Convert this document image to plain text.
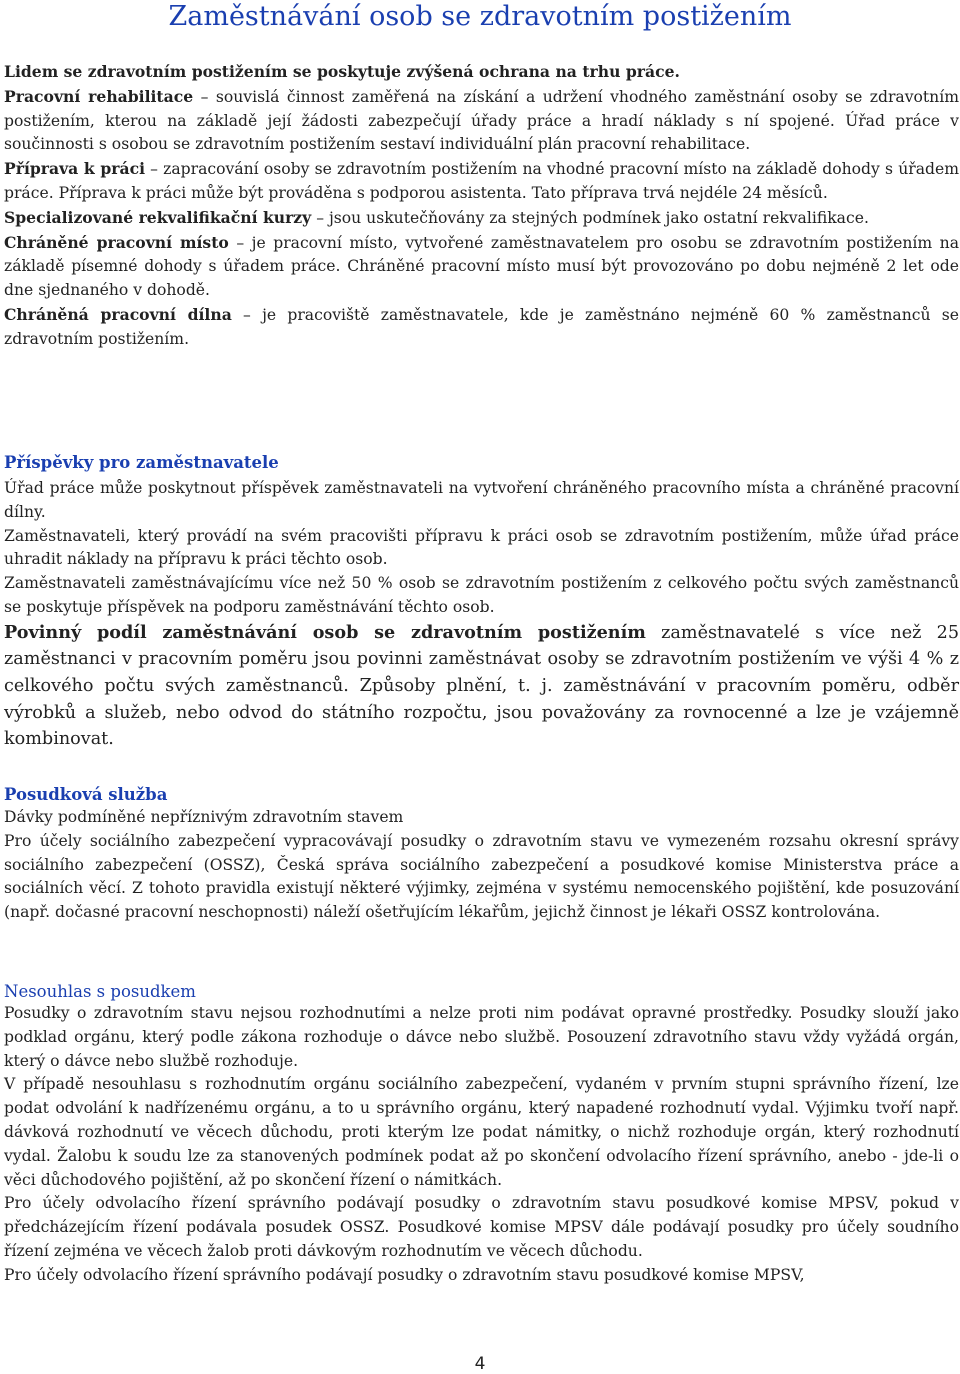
Zaměstnávání osob se zdravotním postižením

Lidem se zdravotním postižením se poskytuje zvýšená ochrana na trhu práce.

Pracovní rehabilitace – souvislá činnost zaměřená na získání a udržení vhodného zaměstnání osoby se zdravotním postižením, kterou na základě její žádosti zabezpečují úřady práce a hradí náklady s ní spojené. Úřad práce v součinnosti s osobou se zdravotním postižením sestaví individuální plán pracovní rehabilitace.

Příprava k práci – zapracování osoby se zdravotním postižením na vhodné pracovní místo na základě dohody s úřadem práce. Příprava k práci může být prováděna s podporou asistenta. Tato příprava trvá nejdéle 24 měsíců.

Specializované rekvalifikační kurzy – jsou uskutečňovány za stejných podmínek jako ostatní rekvalifikace.

Chráněné pracovní místo – je pracovní místo, vytvořené zaměstnavatelem pro osobu se zdravotním postižením na základě písemné dohody s úřadem práce. Chráněné pracovní místo musí být provozováno po dobu nejméně 2 let ode dne sjednaného v dohodě.

Chráněná pracovní dílna – je pracoviště zaměstnavatele, kde je zaměstnáno nejméně 60 % zaměstnanců se zdravotním postižením.

Příspěvky pro zaměstnavatele

Úřad práce může poskytnout příspěvek zaměstnavateli na vytvoření chráněného pracovního místa a chráněné pracovní dílny.

Zaměstnavateli, který provádí na svém pracovišti přípravu k práci osob se zdravotním postižením, může úřad práce uhradit náklady na přípravu k práci těchto osob.

Zaměstnavateli zaměstnávajícímu více než 50 % osob se zdravotním postižením z celkového počtu svých zaměstnanců se poskytuje příspěvek na podporu zaměstnávání těchto osob.

Povinný podíl zaměstnávání osob se zdravotním postižením zaměstnavatelé s více než 25 zaměstnanci v pracovním poměru jsou povinni zaměstnávat osoby se zdravotním postižením ve výši 4 % z celkového počtu svých zaměstnanců. Způsoby plnění, t. j. zaměstnávání v pracovním poměru, odběr výrobků a služeb, nebo odvod do státního rozpočtu, jsou považovány za rovnocenné a lze je vzájemně kombinovat.

Posudková služba

Dávky podmíněné nepříznivým zdravotním stavem

Pro účely sociálního zabezpečení vypracovávají posudky o zdravotním stavu ve vymezeném rozsahu okresní správy sociálního zabezpečení (OSSZ), Česká správa sociálního zabezpečení a posudkové komise Ministerstva práce a sociálních věcí. Z tohoto pravidla existují některé výjimky, zejména v systému nemocenského pojištění, kde posuzování (např. dočasné pracovní neschopnosti) náleží ošetřujícím lékařům, jejichž činnost je lékaři OSSZ kontrolována.

Nesouhlas s posudkem

Posudky o zdravotním stavu nejsou rozhodnutími a nelze proti nim podávat opravné prostředky. Posudky slouží jako podklad orgánu, který podle zákona rozhoduje o dávce nebo službě. Posouzení zdravotního stavu vždy vyžádá orgán, který o dávce nebo službě rozhoduje.

V případě nesouhlasu s rozhodnutím orgánu sociálního zabezpečení, vydaném v prvním stupni správního řízení, lze podat odvolání k nadřízenému orgánu, a to u správního orgánu, který napadené rozhodnutí vydal. Výjimku tvoří např. dávková rozhodnutí ve věcech důchodu, proti kterým lze podat námitky, o nichž rozhoduje orgán, který rozhodnutí vydal. Žalobu k soudu lze za stanovených podmínek podat až po skončení odvolacího řízení správního, anebo - jde-li o věci důchodového pojištění, až po skončení řízení o námitkách.

Pro účely odvolacího řízení správního podávají posudky o zdravotním stavu posudkové komise MPSV, pokud v předcházejícím řízení podávala posudek OSSZ. Posudkové komise MPSV dále podávají posudky pro účely soudního řízení zejména ve věcech žalob proti dávkovým rozhodnutím ve věcech důchodu.

Pro účely odvolacího řízení správního podávají posudky o zdravotním stavu posudkové komise MPSV,

4
